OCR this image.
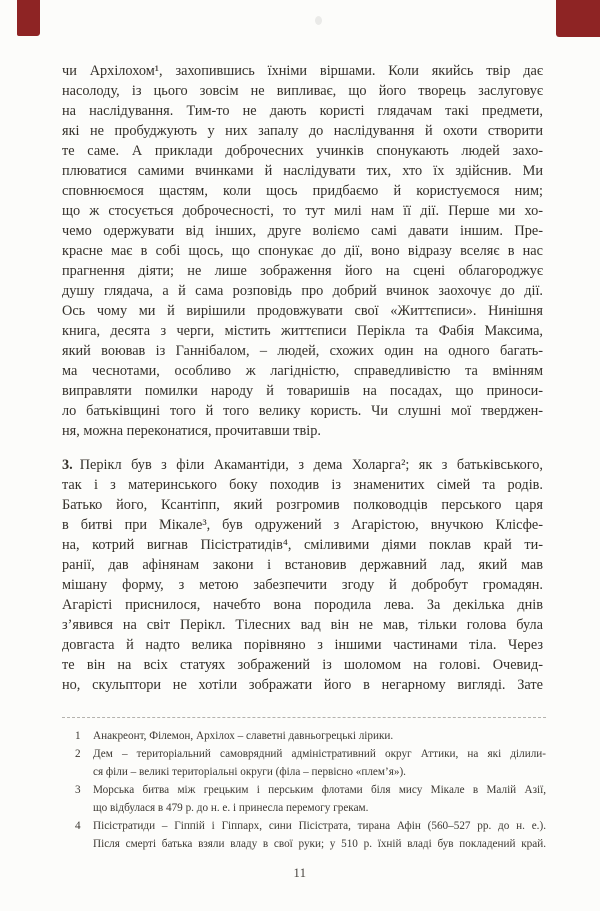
чи Архілохом¹, захопившись їхніми віршами. Коли якийсь твір дає
насолоду, із цього зовсім не випливає, що його творець заслуговує
на наслідування. Тим-то не дають користі глядачам такі предмети,
які не пробуджують у них запалу до наслідування й охоти створити
те саме. А приклади доброчесних учинків спонукають людей захо-
плюватися самими вчинками й наслідувати тих, хто їх здійснив. Ми
сповнюємося щастям, коли щось придбаємо й користуємося ним;
що ж стосується доброчесності, то тут милі нам її дії. Перше ми хо-
чемо одержувати від інших, друге воліємо самі давати іншим. Пре-
красне має в собі щось, що спонукає до дії, воно відразу вселяє в нас
прагнення діяти; не лише зображення його на сцені облагороджує
душу глядача, а й сама розповідь про добрий вчинок заохочує до дії.
Ось чому ми й вирішили продовжувати свої «Життєписи». Нинішня
книга, десята з черги, містить життєписи Перікла та Фабія Максима,
який воював із Ганнібалом, – людей, схожих один на одного багать-
ма чеснотами, особливо ж лагідністю, справедливістю та вмінням
виправляти помилки народу й товаришів на посадах, що приноси-
ло батьківщині того й того велику користь. Чи слушні мої тверджен-
ня, можна переконатися, прочитавши твір.
3. Перікл був з філи Акамантіди, з дема Холарга²; як з батьківського,
так і з материнського боку походив із знаменитих сімей та родів.
Батько його, Ксантіпп, який розгромив полководців перського царя
в битві при Мікале³, був одружений з Агарістою, внучкою Клісфе-
на, котрий вигнав Пісістратидів⁴, сміливими діями поклав край ти-
ранії, дав афінянам закони і встановив державний лад, який мав
мішану форму, з метою забезпечити згоду й добробут громадян.
Агарісті приснилося, начебто вона породила лева. За декілька днів
з’явився на світ Перікл. Тілесних вад він не мав, тільки голова була
довгаста й надто велика порівняно з іншими частинами тіла. Через
те він на всіх статуях зображений із шоломом на голові. Очевид-
но, скульптори не хотіли зображати його в негарному вигляді. Зате
1 Анакреонт, Філемон, Архілох – славетні давньогрецькі лірики.
2 Дем – територіальний самоврядний адміністративний округ Аттики, на які ділили-
ся філи – великі територіальні округи (філа – первісно «плем’я»).
3 Морська битва між грецьким і перським флотами біля мису Мікале в Малій Азії,
що відбулася в 479 р. до н. е. і принесла перемогу грекам.
4 Пісістратиди – Гіппій і Гіппарх, сини Пісістрата, тирана Афін (560–527 рр. до н. е.).
Після смерті батька взяли владу в свої руки; у 510 р. їхній владі був покладений край.
11
